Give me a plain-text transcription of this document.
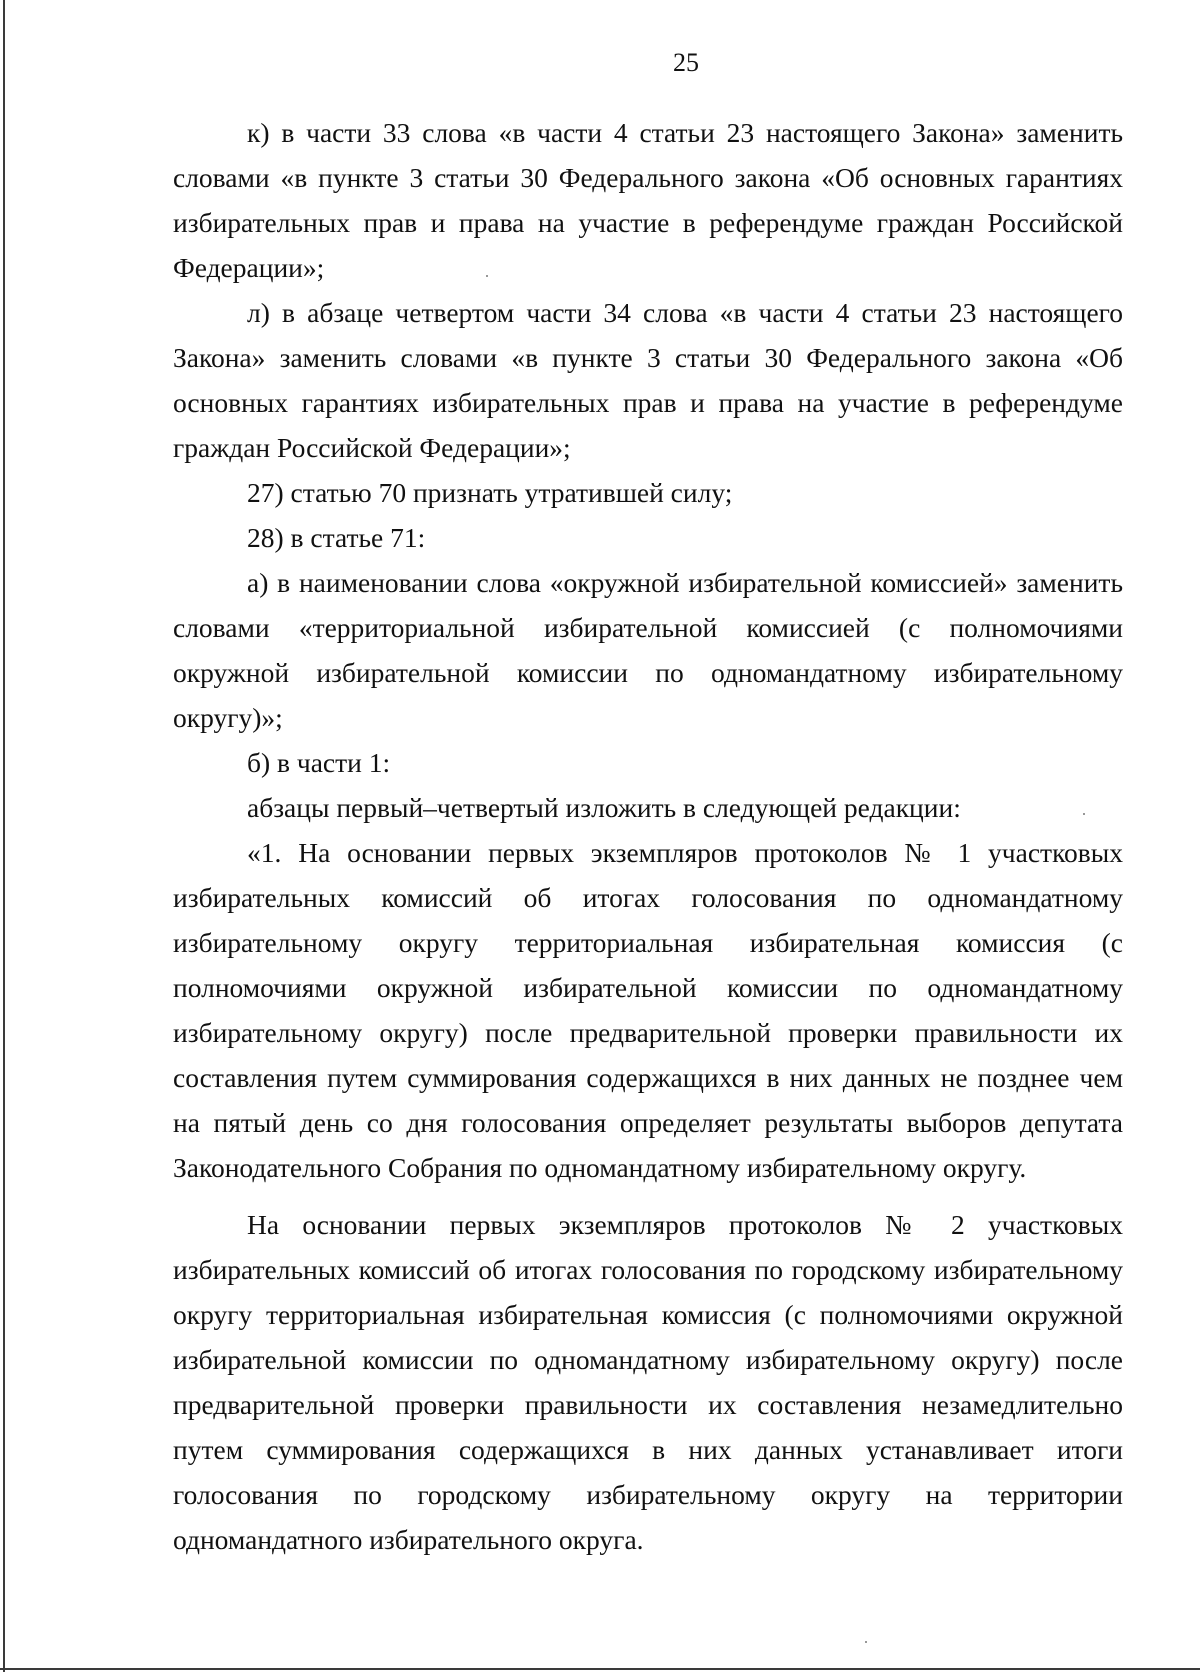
25

к) в части 33 слова «в части 4 статьи 23 настоящего Закона» заменить словами «в пункте 3 статьи 30 Федерального закона «Об основных гарантиях избирательных прав и права на участие в референдуме граждан Российской Федерации»;

л) в абзаце четвертом части 34 слова «в части 4 статьи 23 настоящего Закона» заменить словами «в пункте 3 статьи 30 Федерального закона «Об основных гарантиях избирательных прав и права на участие в референдуме граждан Российской Федерации»;

27) статью 70 признать утратившей силу;

28) в статье 71:

а) в наименовании слова «окружной избирательной комиссией» заменить словами «территориальной избирательной комиссией (с полномочиями окружной избирательной комиссии по одномандатному избирательному округу)»;

б) в части 1:

абзацы первый–четвертый изложить в следующей редакции:

«1. На основании первых экземпляров протоколов № 1 участковых избирательных комиссий об итогах голосования по одномандатному избирательному округу территориальная избирательная комиссия (с полномочиями окружной избирательной комиссии по одномандатному избирательному округу) после предварительной проверки правильности их составления путем суммирования содержащихся в них данных не позднее чем на пятый день со дня голосования определяет результаты выборов депутата Законодательного Собрания по одномандатному избирательному округу.

На основании первых экземпляров протоколов № 2 участковых избирательных комиссий об итогах голосования по городскому избирательному округу территориальная избирательная комиссия (с полномочиями окружной избирательной комиссии по одномандатному избирательному округу) после предварительной проверки правильности их составления незамедлительно путем суммирования содержащихся в них данных устанавливает итоги голосования по городскому избирательному округу на территории одномандатного избирательного округа.
